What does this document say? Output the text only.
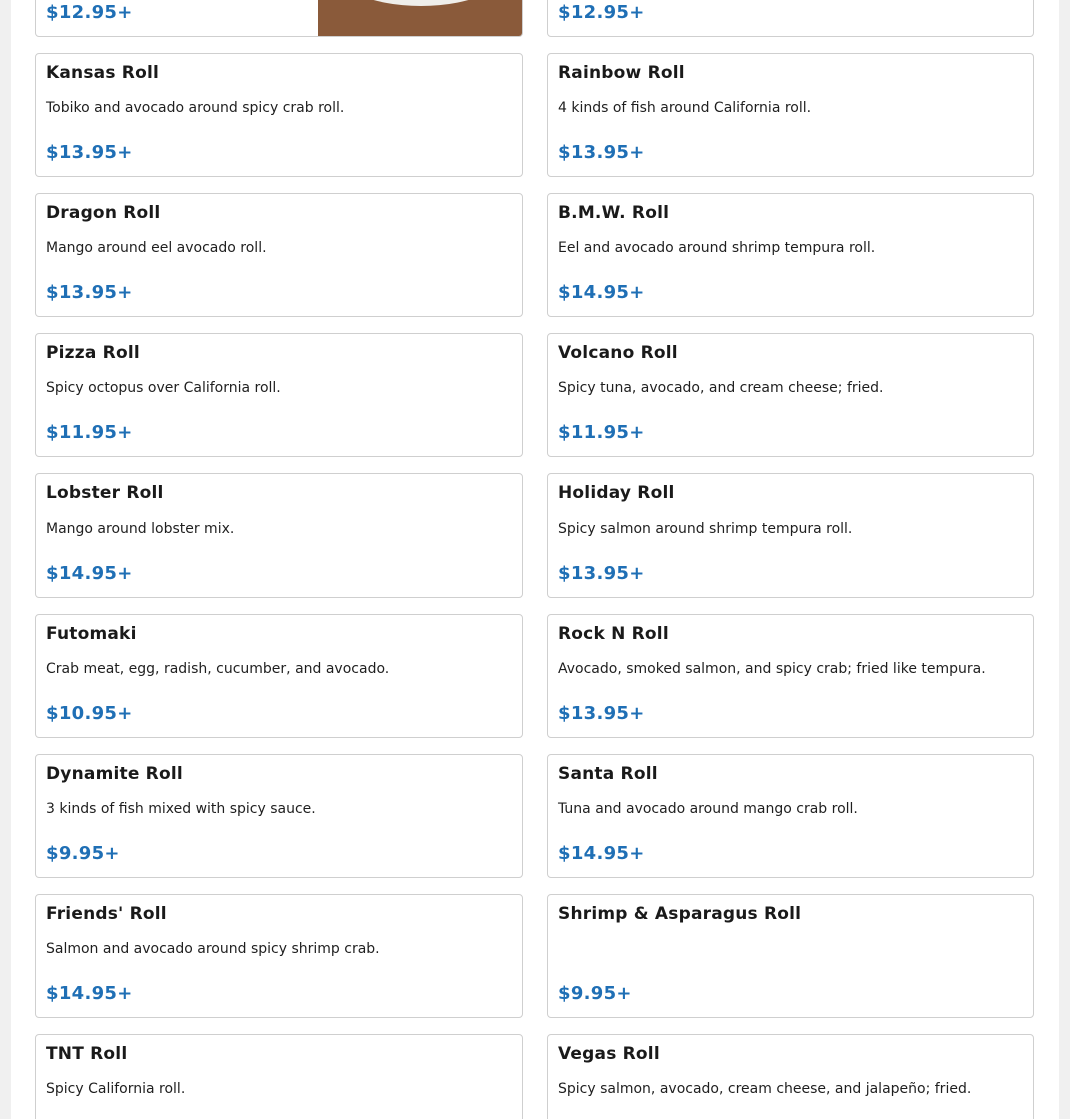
$12.95+	$12.95+
Kansas Roll
Tobiko and avocado around spicy crab roll.
$13.95+
Rainbow Roll
4 kinds of fish around California roll.
$13.95+
Dragon Roll
Mango around eel avocado roll.
$13.95+
B.M.W. Roll
Eel and avocado around shrimp tempura roll.
$14.95+
Pizza Roll
Spicy octopus over California roll.
$11.95+
Volcano Roll
Spicy tuna, avocado, and cream cheese; fried.
$11.95+
Lobster Roll
Mango around lobster mix.
$14.95+
Holiday Roll
Spicy salmon around shrimp tempura roll.
$13.95+
Futomaki
Crab meat, egg, radish, cucumber, and avocado.
$10.95+
Rock N Roll
Avocado, smoked salmon, and spicy crab; fried like tempura.
$13.95+
Dynamite Roll
3 kinds of fish mixed with spicy sauce.
$9.95+
Santa Roll
Tuna and avocado around mango crab roll.
$14.95+
Friends' Roll
Salmon and avocado around spicy shrimp crab.
$14.95+
Shrimp & Asparagus Roll
$9.95+
TNT Roll
Spicy California roll.
Vegas Roll
Spicy salmon, avocado, cream cheese, and jalapeño; fried.
